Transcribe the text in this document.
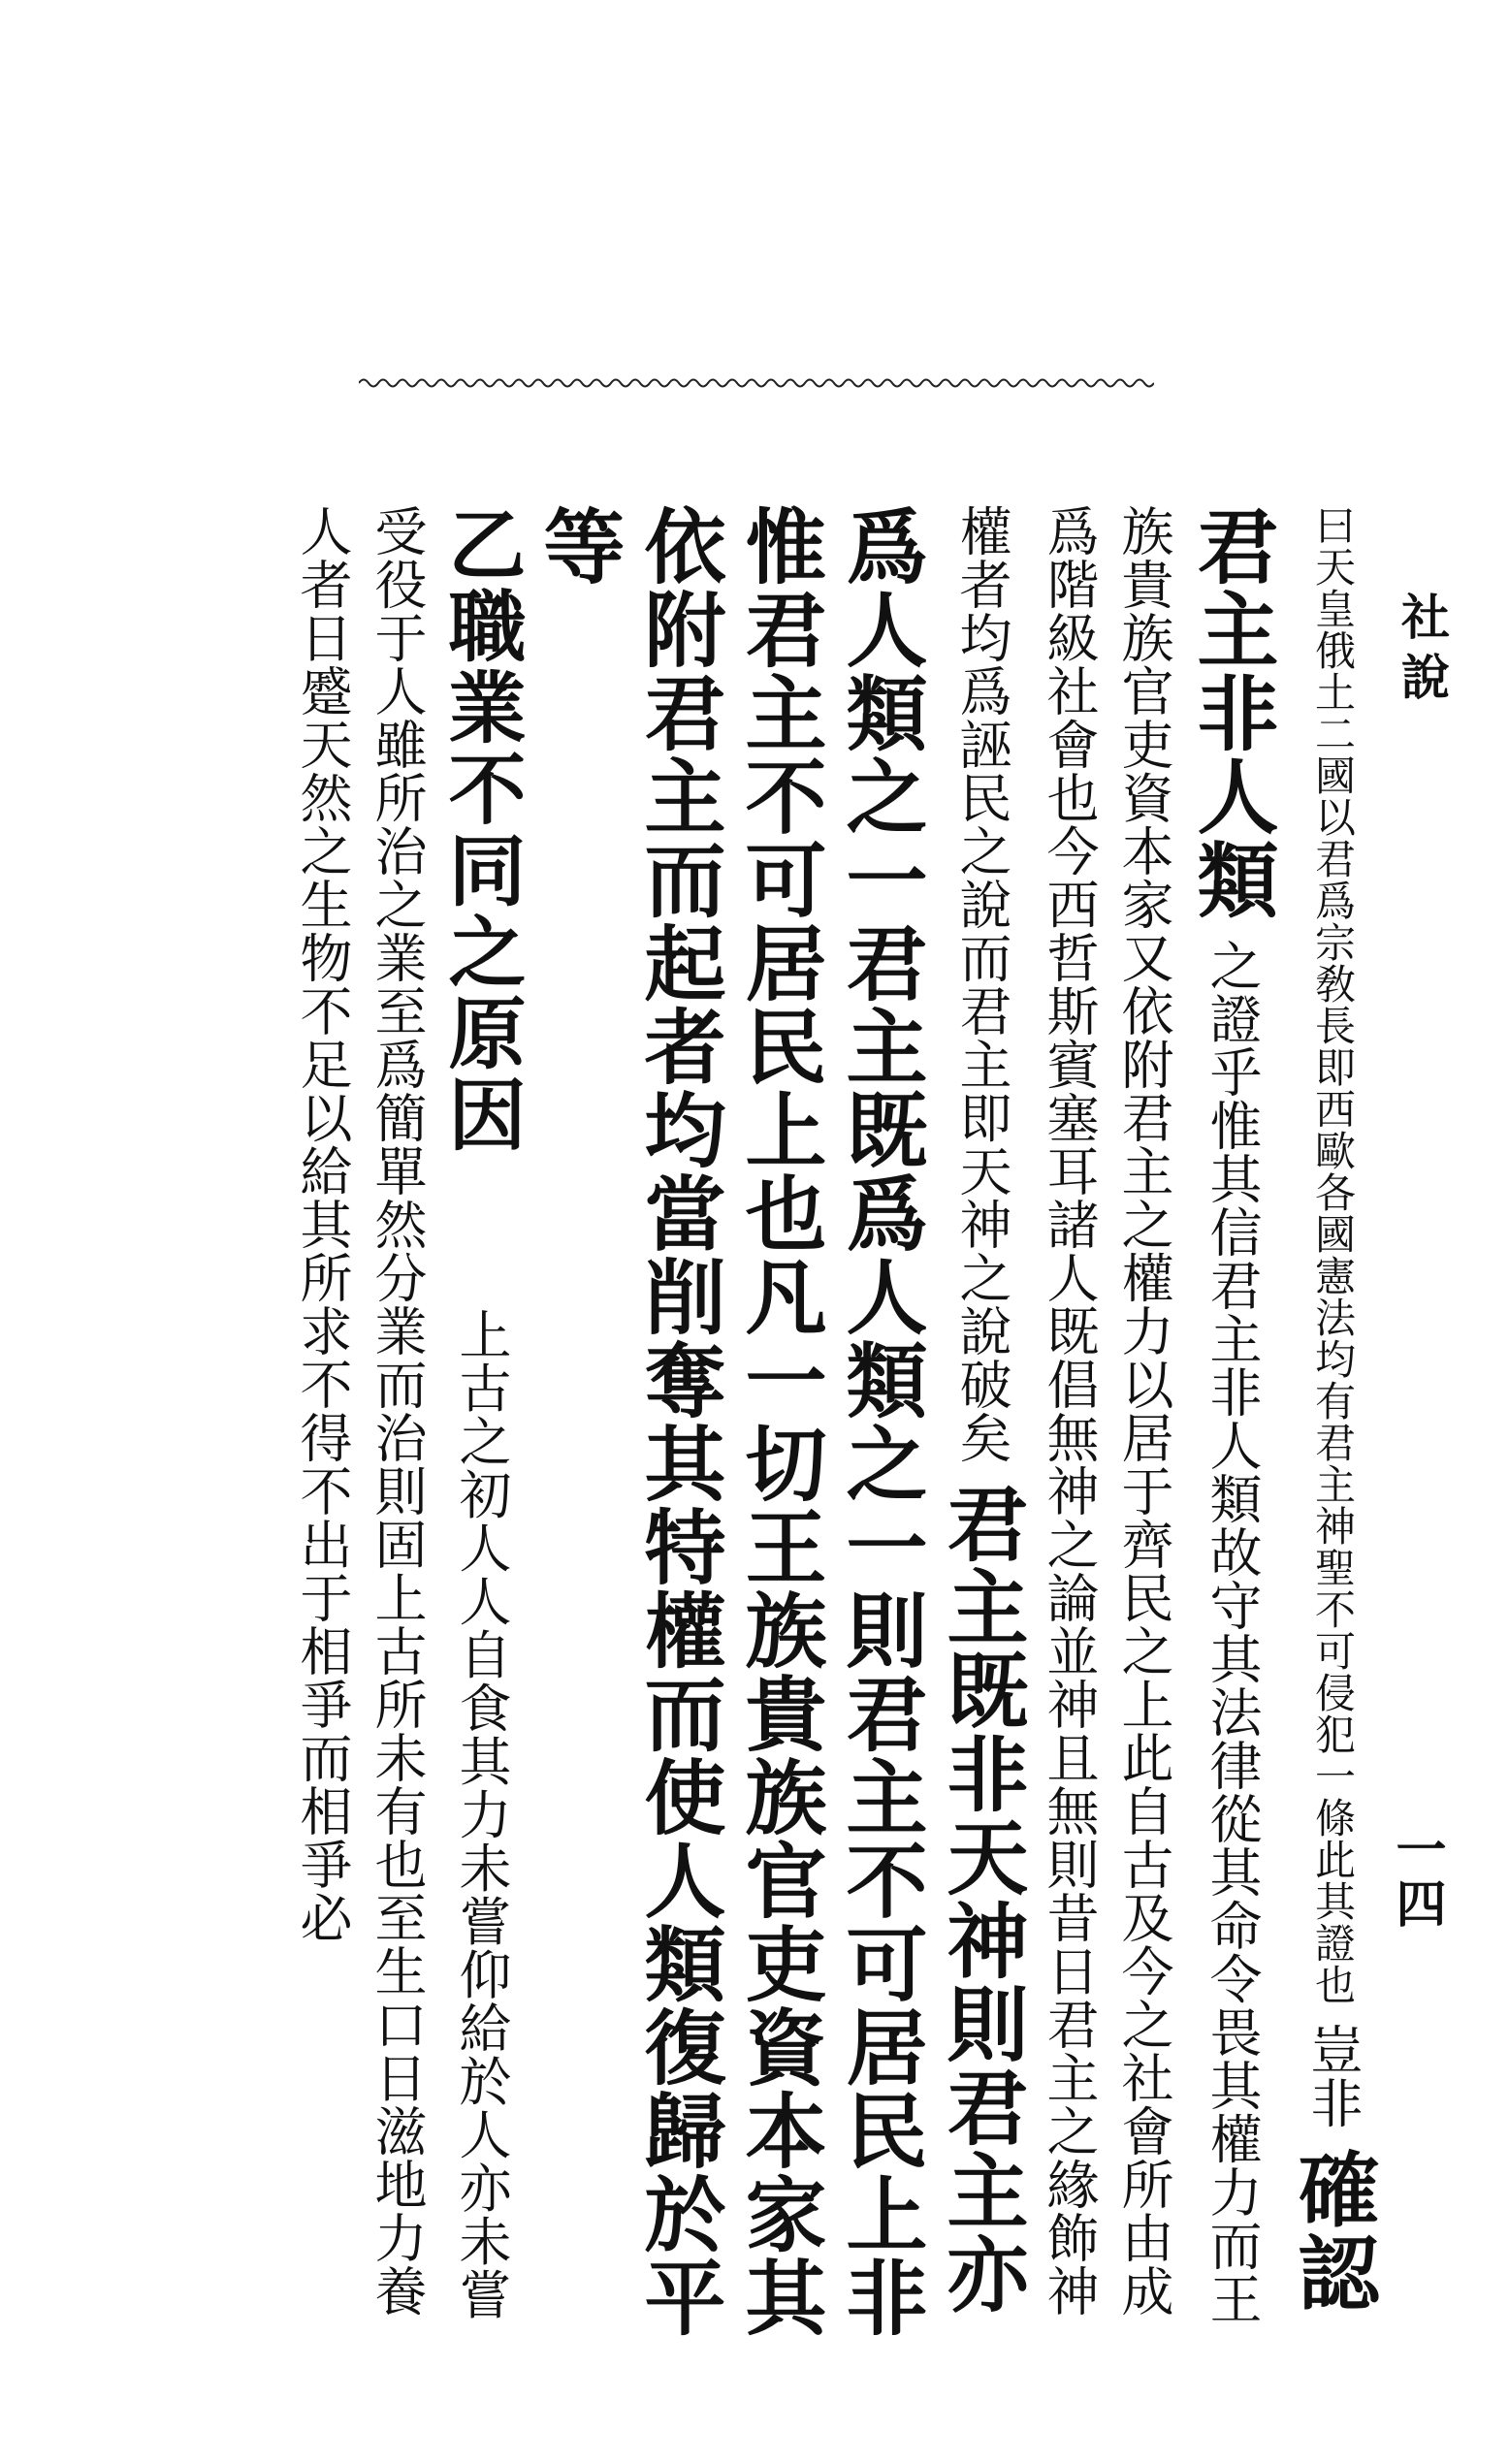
社說
一四

曰天皇俄土二國以君爲宗敎長即西歐各國憲法均有君主神聖不可侵犯一條此其證也 豈非 確認君主非人類 之證乎惟其信君主非人類故守其法律從其命令畏其權力而王族貴族官吏資本家又依附君主之權力以居于齊民之上此自古及今之社會所由成爲階級社會也今西哲斯賓塞耳諸人既倡無神之論並神且無則昔日君主之緣飾神權者均爲誣民之說而君主即天神之說破矣 君主既非天神則君主亦爲人類之一君主既爲人類之一則君主不可居民上非惟君主不可居民上也凡一切王族貴族官吏資本家其依附君主而起者均當削奪其特權而使人類復歸於平等

乙職業不同之原因  上古之初人人自食其力未嘗仰給於人亦未嘗受役于人雖所治之業至爲簡單然分業而治則固上古所未有也至生口日滋地力養人者日蹙天然之生物不足以給其所求不得不出于相爭而相爭必
